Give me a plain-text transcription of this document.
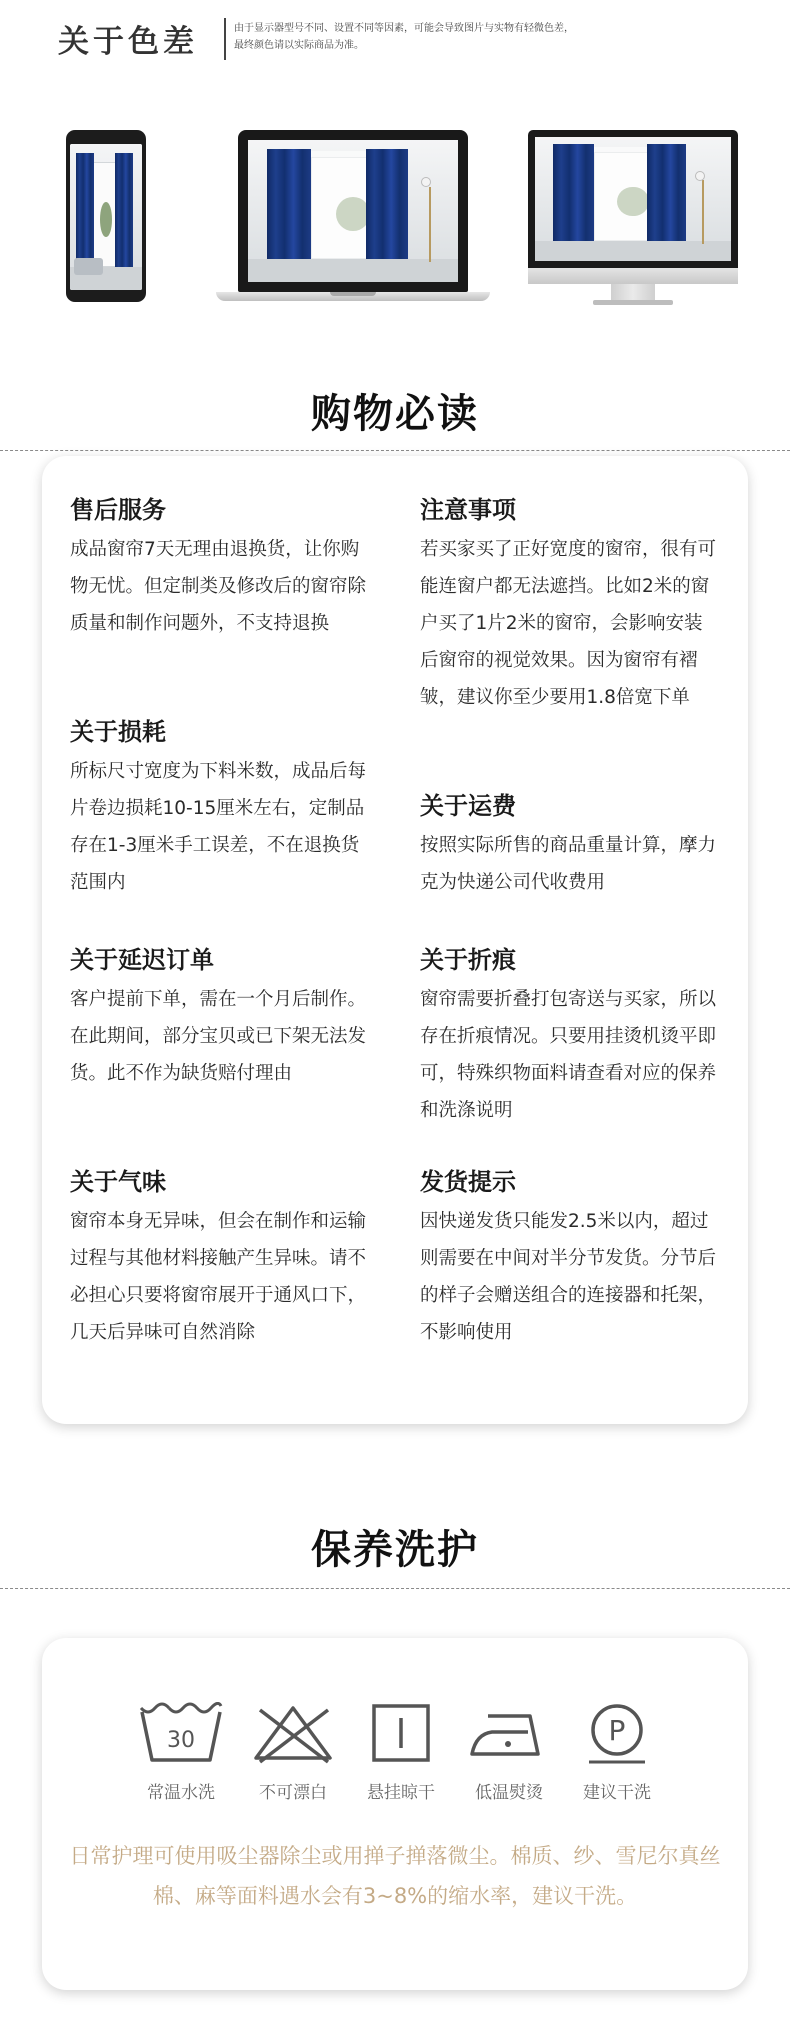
关于色差	由于显示器型号不同、设置不同等因素，可能会导致图片与实物有轻微色差，
最终颜色请以实际商品为准。
购物必读
售后服务
成品窗帘7天无理由退换货，让你购物无忧。但定制类及修改后的窗帘除质量和制作问题外，不支持退换
注意事项
若买家买了正好宽度的窗帘，很有可能连窗户都无法遮挡。比如2米的窗户买了1片2米的窗帘，会影响安装后窗帘的视觉效果。因为窗帘有褶皱，建议你至少要用1.8倍宽下单
关于损耗
所标尺寸宽度为下料米数，成品后每片卷边损耗10-15厘米左右，定制品存在1-3厘米手工误差，不在退换货范围内
关于运费
按照实际所售的商品重量计算，摩力克为快递公司代收费用
关于延迟订单
客户提前下单，需在一个月后制作。在此期间，部分宝贝或已下架无法发货。此不作为缺货赔付理由
关于折痕
窗帘需要折叠打包寄送与买家，所以存在折痕情况。只要用挂烫机烫平即可，特殊织物面料请查看对应的保养和洗涤说明
关于气味
窗帘本身无异味，但会在制作和运输过程与其他材料接触产生异味。请不必担心只要将窗帘展开于通风口下，几天后异味可自然消除
发货提示
因快递发货只能发2.5米以内，超过则需要在中间对半分节发货。分节后的样子会赠送组合的连接器和托架，不影响使用
保养洗护
30
常温水洗	不可漂白	悬挂晾干	低温熨烫
P
建议干洗
日常护理可使用吸尘器除尘或用掸子掸落微尘。棉质、纱、雪尼尔真丝棉、麻等面料遇水会有3~8%的缩水率，建议干洗。
